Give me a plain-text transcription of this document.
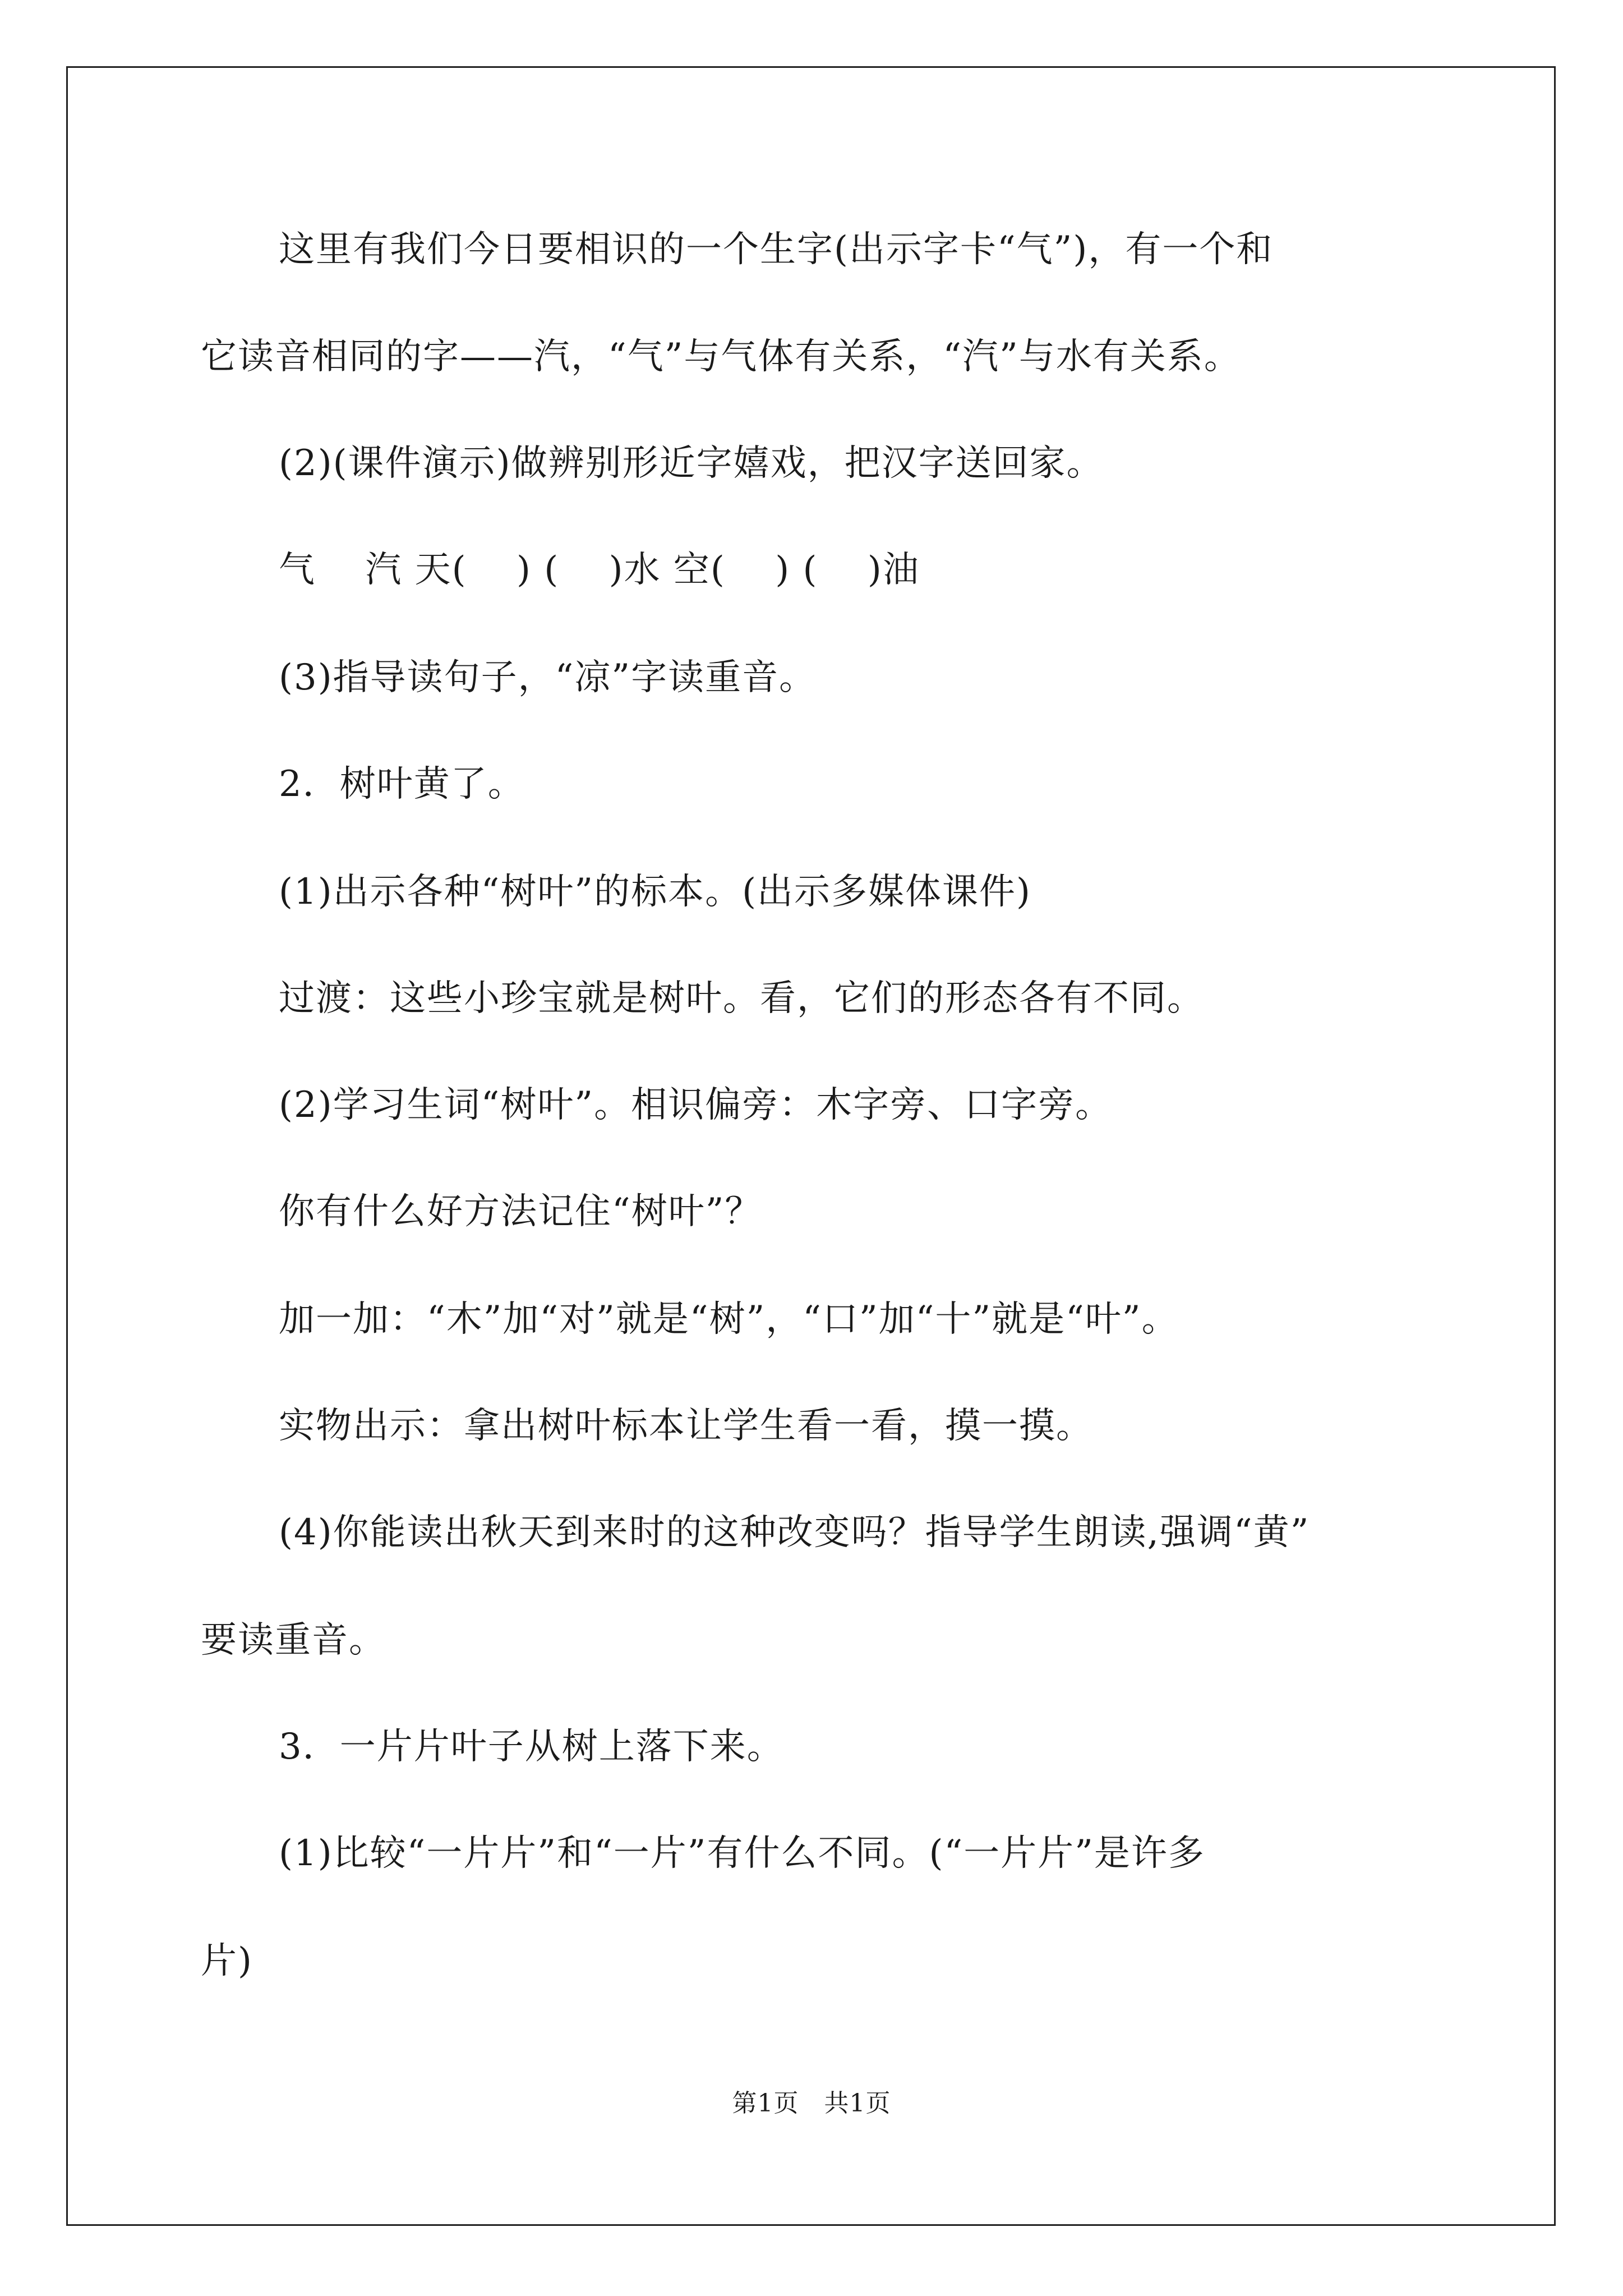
这里有我们今日要相识的一个生字(出示字卡“气”)，有一个和
它读音相同的字——汽，“气”与气体有关系，“汽”与水有关系。
(2)(课件演示)做辨别形近字嬉戏，把汉字送回家。
气　 汽 天(　 ) (　 )水 空(　 ) (　 )油
(3)指导读句子，“凉”字读重音。
2．树叶黄了。
(1)出示各种“树叶”的标本。(出示多媒体课件)
过渡：这些小珍宝就是树叶。看，它们的形态各有不同。
(2)学习生词“树叶”。相识偏旁：木字旁、口字旁。
你有什么好方法记住“树叶”？
加一加：“木”加“对”就是“树”，“口”加“十”就是“叶”。
实物出示：拿出树叶标本让学生看一看，摸一摸。
(4)你能读出秋天到来时的这种改变吗？指导学生朗读,强调“黄”
要读重音。
3．一片片叶子从树上落下来。
(1)比较“一片片”和“一片”有什么不同。(“一片片”是许多
片)
第1页　共1页
